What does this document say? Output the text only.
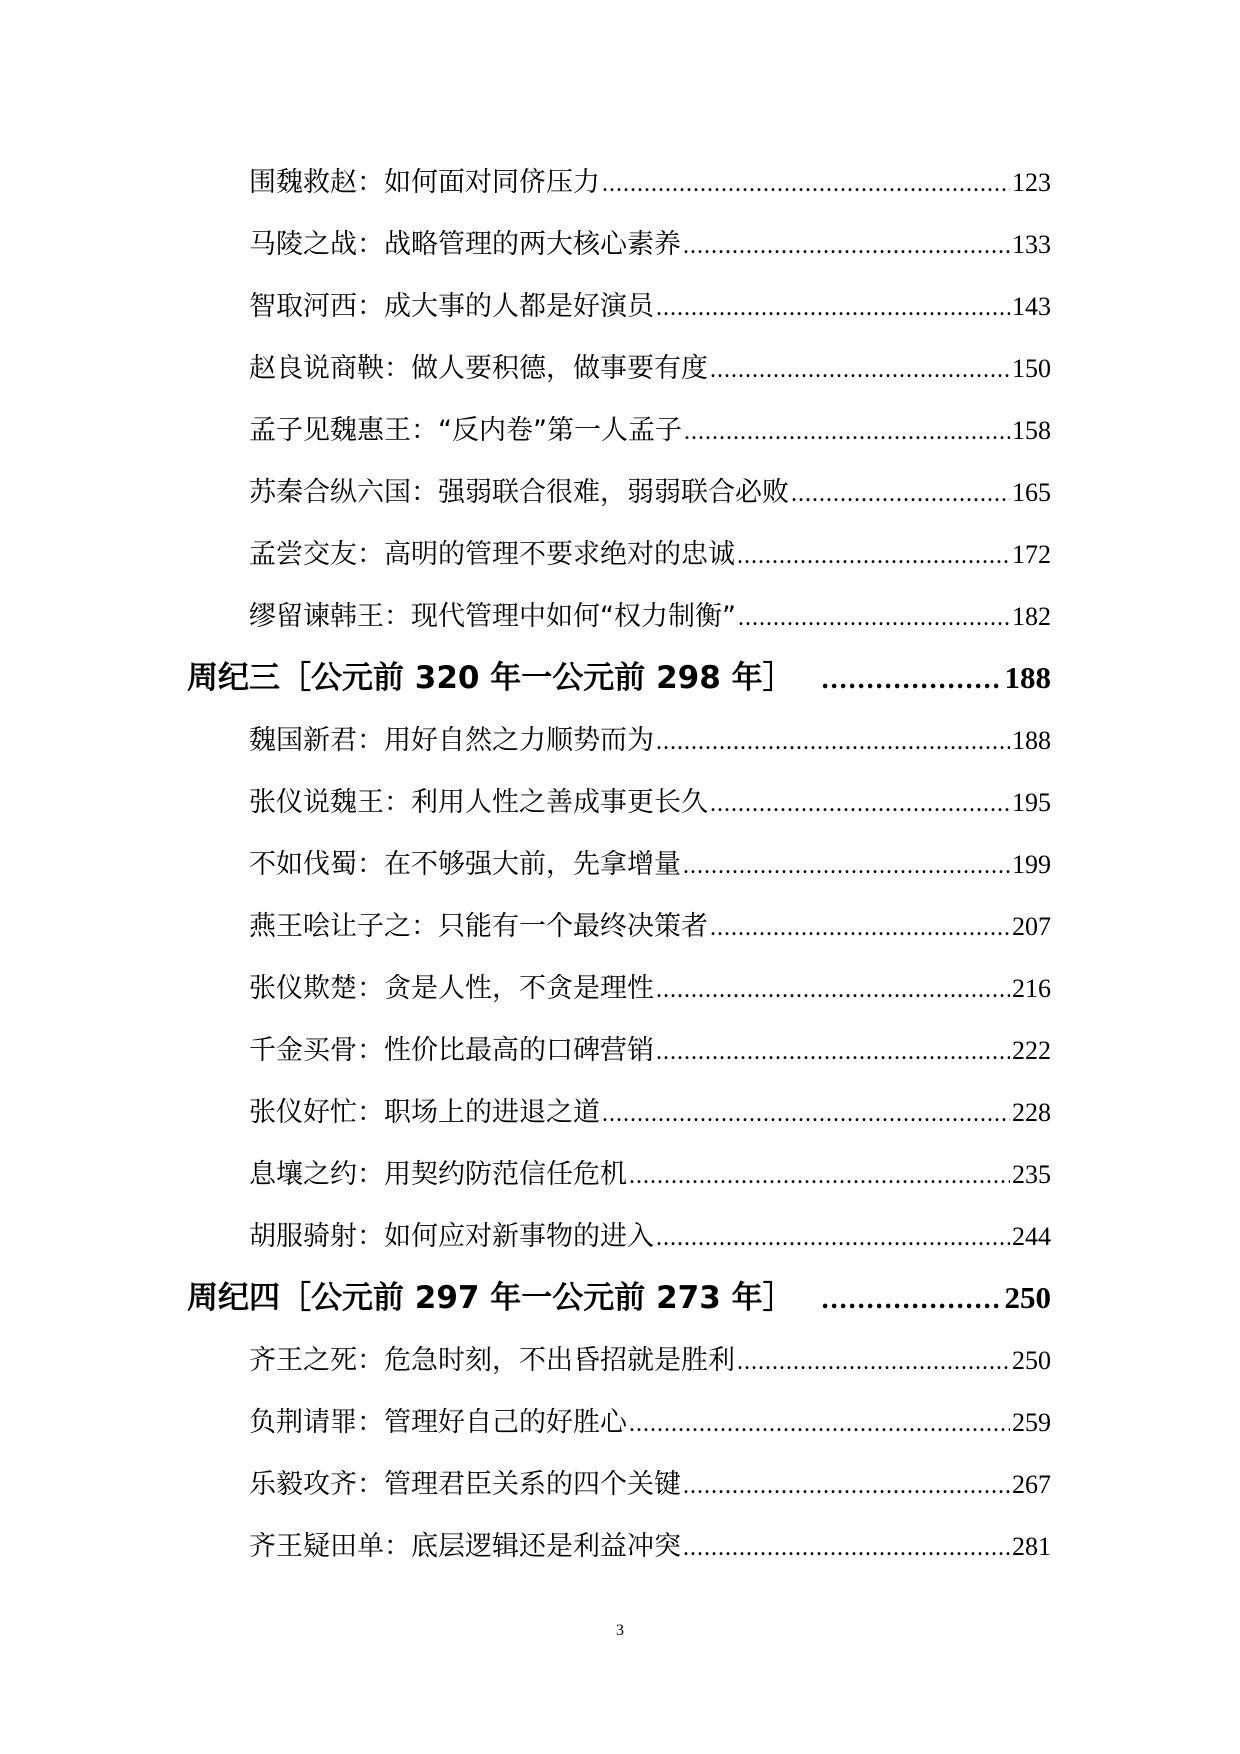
围魏救赵：如何面对同侪压力 .....	123
马陵之战：战略管理的两大核心素养 .....	133
智取河西：成大事的人都是好演员 .....	143
赵良说商鞅：做人要积德，做事要有度 .....	150
孟子见魏惠王：“反内卷”第一人孟子 .....	158
苏秦合纵六国：强弱联合很难，弱弱联合必败 .....	165
孟尝交友：高明的管理不要求绝对的忠诚 .....	172
缪留谏韩王：现代管理中如何“权力制衡” .....	182
周纪三［公元前 320 年一公元前 298 年］ .....	188
魏国新君：用好自然之力顺势而为 .....	188
张仪说魏王：利用人性之善成事更长久 .....	195
不如伐蜀：在不够强大前，先拿增量 .....	199
燕王哙让子之：只能有一个最终决策者 .....	207
张仪欺楚：贪是人性，不贪是理性 .....	216
千金买骨：性价比最高的口碑营销 .....	222
张仪好忙：职场上的进退之道 .....	228
息壤之约：用契约防范信任危机 .....	235
胡服骑射：如何应对新事物的进入 .....	244
周纪四［公元前 297 年一公元前 273 年］ .....	250
齐王之死：危急时刻，不出昏招就是胜利 .....	250
负荆请罪：管理好自己的好胜心 .....	259
乐毅攻齐：管理君臣关系的四个关键 .....	267
齐王疑田单：底层逻辑还是利益冲突 .....	281
3
